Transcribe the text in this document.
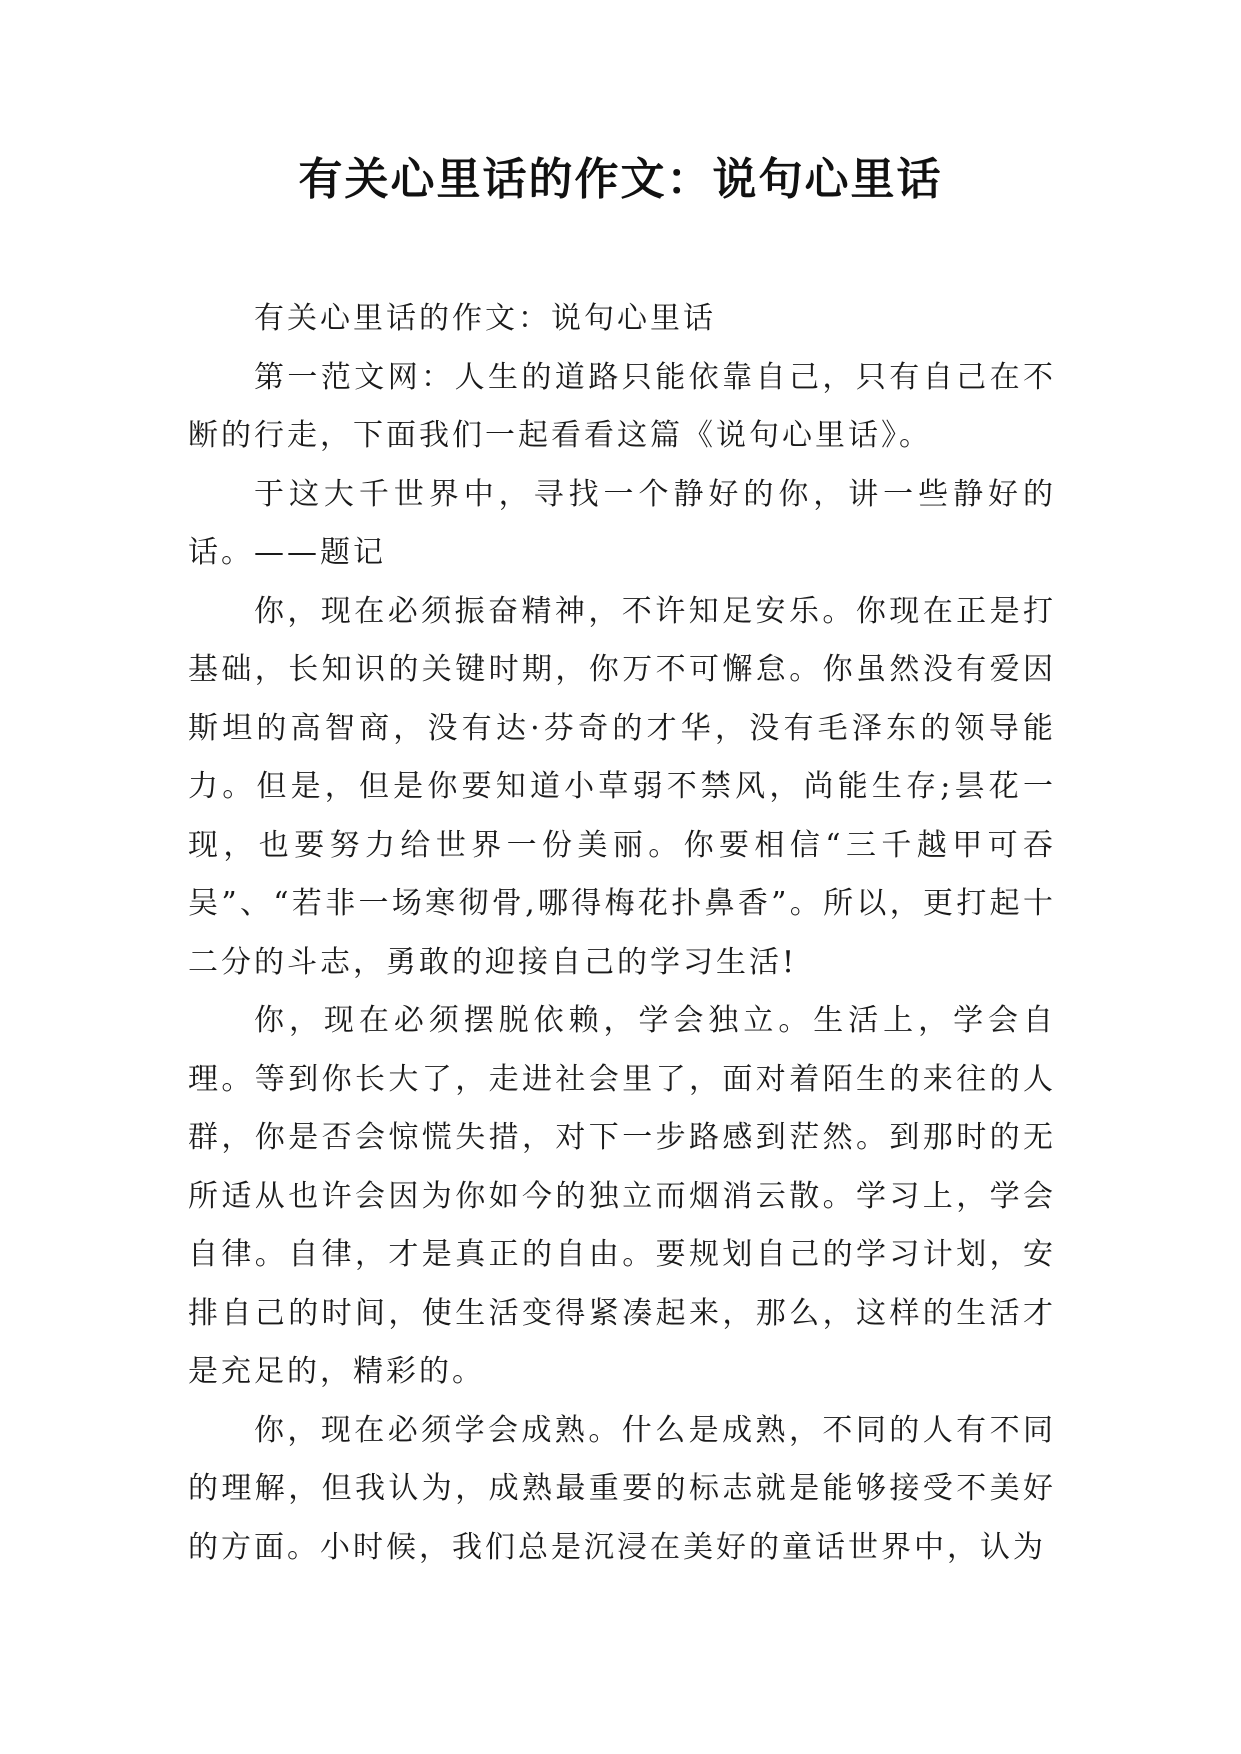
有关心里话的作文：说句心里话

有关心里话的作文：说句心里话

第一范文网：人生的道路只能依靠自己，只有自己在不断的行走，下面我们一起看看这篇《说句心里话》。

于这大千世界中，寻找一个静好的你，讲一些静好的话。——题记

你，现在必须振奋精神，不许知足安乐。你现在正是打基础，长知识的关键时期，你万不可懈怠。你虽然没有爱因斯坦的高智商，没有达·芬奇的才华，没有毛泽东的领导能力。但是，但是你要知道小草弱不禁风，尚能生存;昙花一现，也要努力给世界一份美丽。你要相信“三千越甲可吞吴”、“若非一场寒彻骨,哪得梅花扑鼻香”。所以，更打起十二分的斗志，勇敢的迎接自己的学习生活!

你，现在必须摆脱依赖，学会独立。生活上，学会自理。等到你长大了，走进社会里了，面对着陌生的来往的人群，你是否会惊慌失措，对下一步路感到茫然。到那时的无所适从也许会因为你如今的独立而烟消云散。学习上，学会自律。自律，才是真正的自由。要规划自己的学习计划，安排自己的时间，使生活变得紧凑起来，那么，这样的生活才是充足的，精彩的。

你，现在必须学会成熟。什么是成熟，不同的人有不同的理解，但我认为，成熟最重要的标志就是能够接受不美好的方面。小时候，我们总是沉浸在美好的童话世界中，认为
